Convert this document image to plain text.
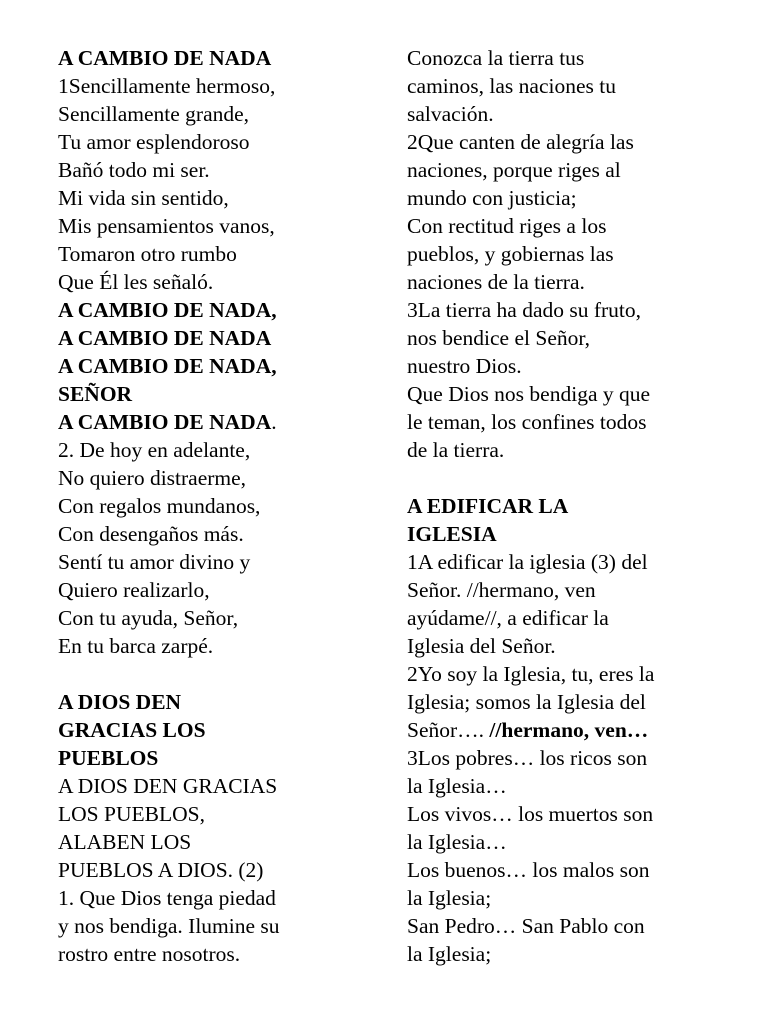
A CAMBIO DE NADA
1Sencillamente hermoso,
Sencillamente grande,
Tu amor esplendoroso
Bañó todo mi ser.
Mi vida sin sentido,
Mis pensamientos vanos,
Tomaron otro rumbo
Que Él les señaló.
A CAMBIO DE NADA,
A CAMBIO DE NADA
A CAMBIO DE NADA,
SEÑOR
A CAMBIO DE NADA.
2. De hoy en adelante,
No quiero distraerme,
Con regalos mundanos,
Con desengaños más.
Sentí tu amor divino y
Quiero realizarlo,
Con tu ayuda, Señor,
En tu barca zarpé.
A DIOS DEN
GRACIAS LOS
PUEBLOS
A DIOS DEN GRACIAS
LOS PUEBLOS,
ALABEN LOS
PUEBLOS A DIOS. (2)
1. Que Dios tenga piedad
y nos bendiga. Ilumine su
rostro entre nosotros.
Conozca la tierra tus
caminos, las naciones tu
salvación.
2Que canten de alegría las
naciones, porque riges al
mundo con justicia;
Con rectitud riges a los
pueblos, y gobiernas las
naciones de la tierra.
3La tierra ha dado su fruto,
nos bendice el Señor,
nuestro Dios.
Que Dios nos bendiga y que
le teman, los confines todos
de la tierra.
A EDIFICAR LA
IGLESIA
1A edificar la iglesia (3) del
Señor. //hermano, ven
ayúdame//, a edificar la
Iglesia del Señor.
2Yo soy la Iglesia, tu, eres la
Iglesia; somos la Iglesia del
Señor…. //hermano, ven…
3Los pobres… los ricos son
la Iglesia…
Los vivos… los muertos son
la Iglesia…
Los buenos… los malos son
la Iglesia;
San Pedro… San Pablo con
la Iglesia;
